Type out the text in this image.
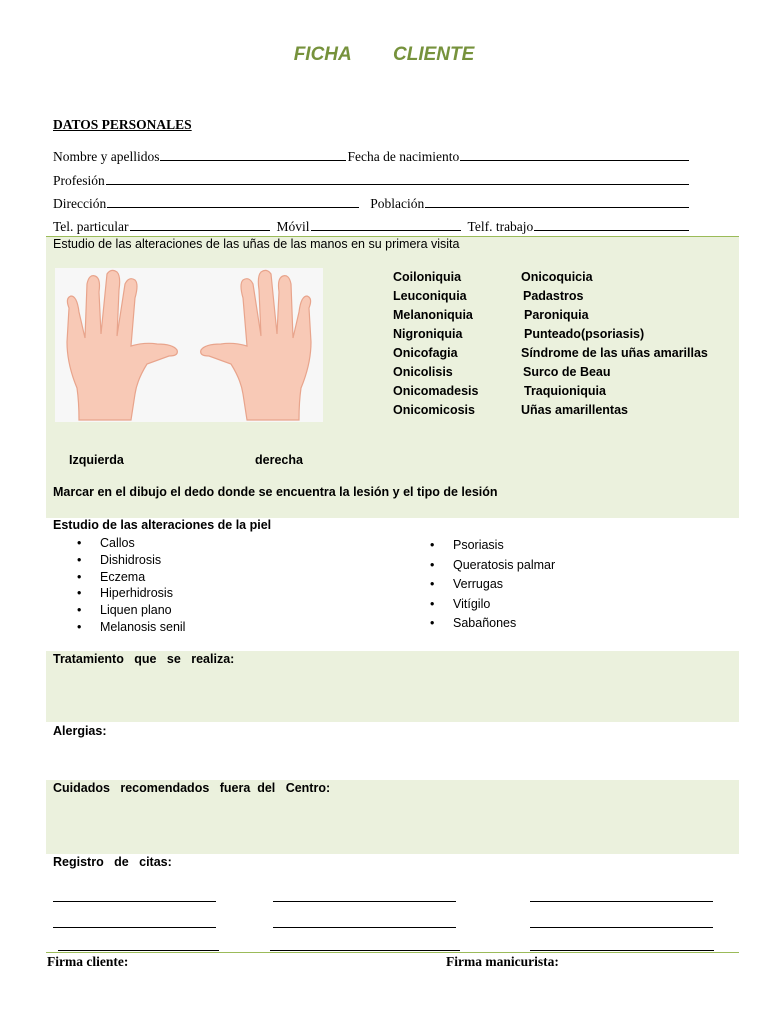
FICHA CLIENTE
DATOS PERSONALES
Nombre y apellidos	Fecha de nacimiento
Profesión
Dirección	Población
Tel. particular	Móvil	Telf. trabajo
Estudio de las alteraciones de las uñas de las manos en su primera visita
Coiloniquia	Onicoquicia
Leuconiquia	Padastros
Melanoniquia	Paroniquia
Nigroniquia	Punteado(psoriasis)
Onicofagia	Síndrome de las uñas amarillas
Onicolisis	Surco de Beau
Onicomadesis	Traquioniquia
Onicomicosis	Uñas amarillentas
Izquierda	derecha
Marcar en el dibujo el dedo donde se encuentra la lesión y el tipo de lesión
Estudio de las alteraciones de la piel
• Callos
• Dishidrosis
• Eczema
• Hiperhidrosis
• Liquen plano
• Melanosis senil
• Psoriasis
• Queratosis palmar
• Verrugas
• Vitígilo
• Sabañones
Tratamiento   que   se   realiza:
Alergias:
Cuidados   recomendados   fuera  del   Centro:
Registro   de   citas:
Firma cliente:	Firma manicurista:
